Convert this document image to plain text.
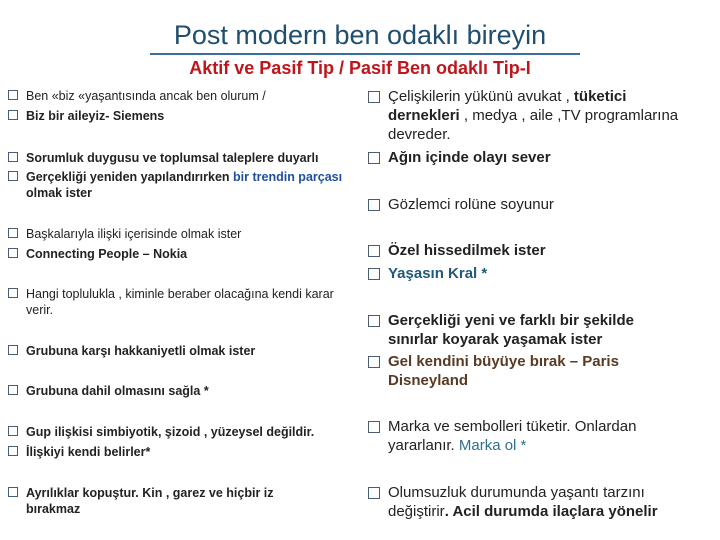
Post modern ben odaklı bireyin
Aktif ve Pasif Tip / Pasif Ben odaklı Tip-I
Ben «biz «yaşantısında ancak ben olurum /
Biz bir aileyiz- Siemens
Sorumluk duygusu ve toplumsal taleplere duyarlı
Gerçekliği yeniden yapılandırırken bir trendin parçası
olmak ister
Başkalarıyla ilişki içerisinde olmak ister
Connecting People – Nokia
Hangi toplulukla , kiminle beraber olacağına kendi karar verir.
Grubuna karşı hakkaniyetli olmak ister
Grubuna dahil olmasını sağla *
Gup ilişkisi simbiyotik, şizoid , yüzeysel değildir.
İlişkiyi kendi belirler*
Ayrılıklar kopuştur. Kin , garez ve hiçbir iz bırakmaz
Çelişkilerin yükünü avukat , tüketici
dernekleri , medya , aile ,TV programlarına devreder.
Ağın içinde olayı sever
Gözlemci rolüne soyunur
Özel hissedilmek ister
Yaşasın Kral *
Gerçekliği yeni ve farklı bir şekilde sınırlar koyarak yaşamak ister
Gel kendini büyüye bırak – Paris Disneyland
Marka ve sembolleri tüketir. Onlardan yararlanır. Marka ol *
Olumsuzluk durumunda yaşantı tarzını değiştirir. Acil durumda ilaçlara yönelir
